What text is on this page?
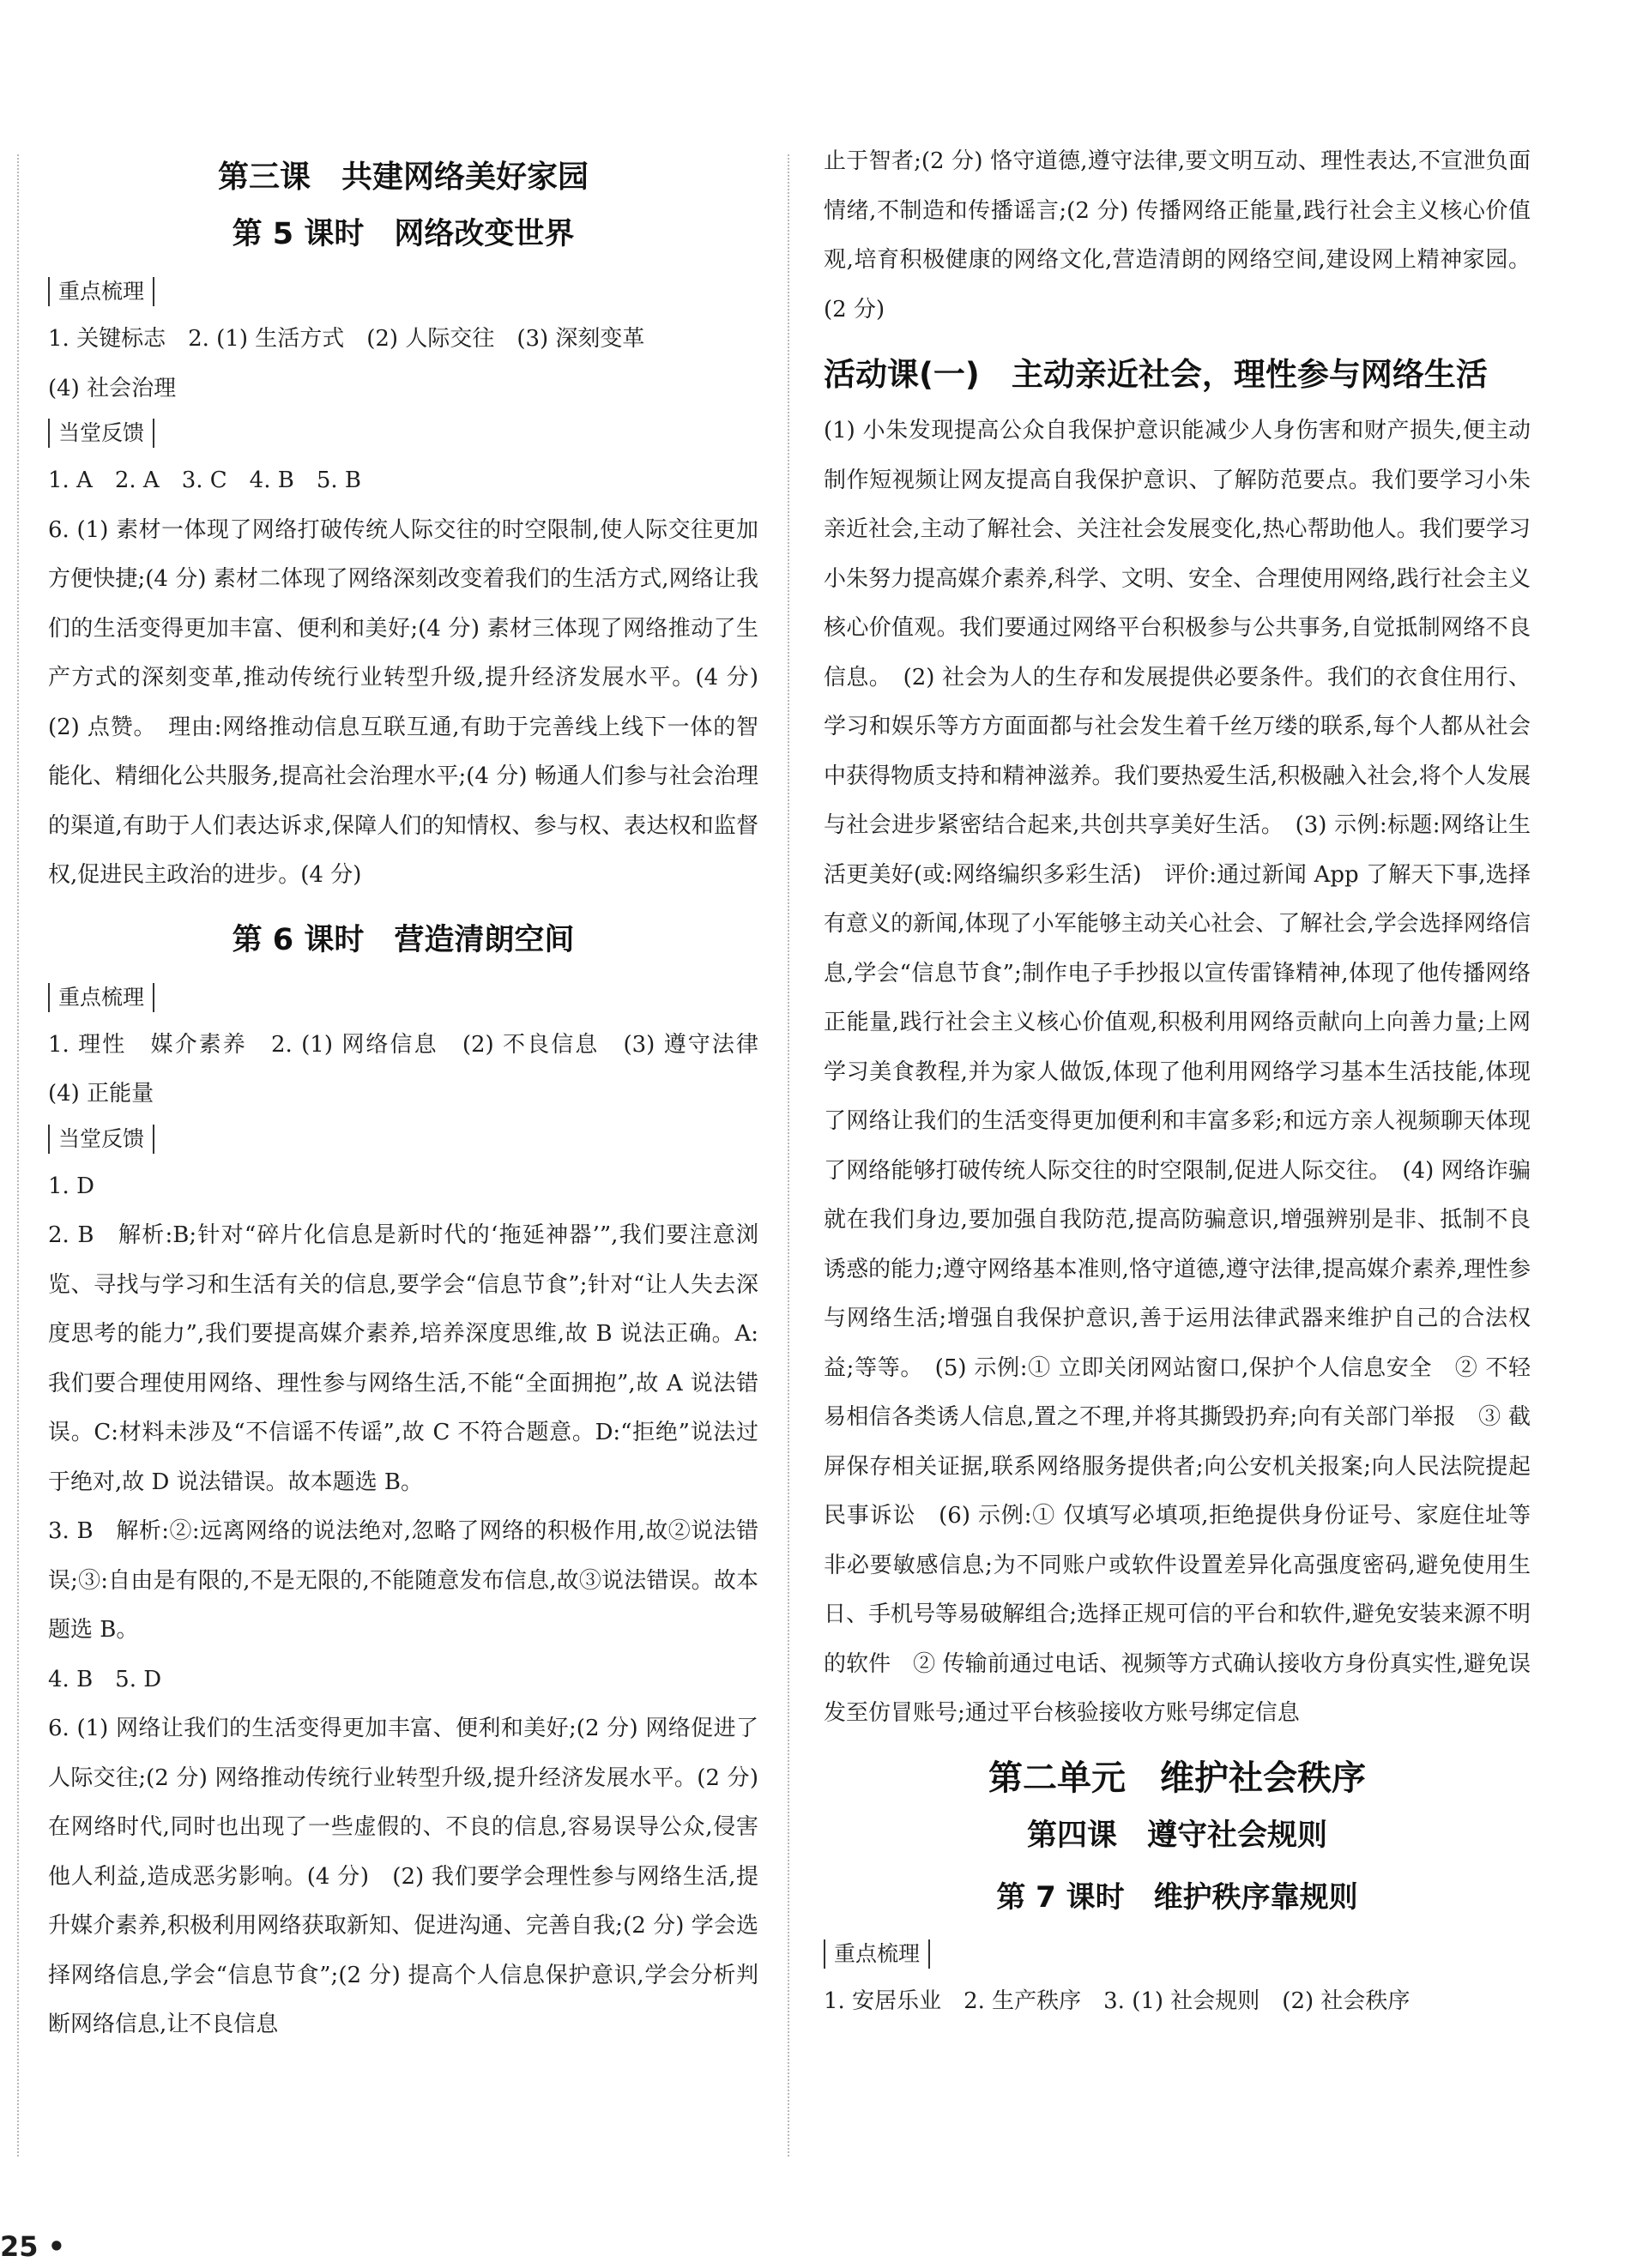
第三课　共建网络美好家园
第 5 课时　网络改变世界
重点梳理

1. 关键标志　2. (1) 生活方式　(2) 人际交往　(3) 深刻变革

(4) 社会治理

当堂反馈

1. A　2. A　3. C　4. B　5. B

6. (1) 素材一体现了网络打破传统人际交往的时空限制,使人际交往更加方便快捷;(4 分) 素材二体现了网络深刻改变着我们的生活方式,网络让我们的生活变得更加丰富、便利和美好;(4 分) 素材三体现了网络推动了生产方式的深刻变革,推动传统行业转型升级,提升经济发展水平。(4 分)　(2) 点赞。　理由:网络推动信息互联互通,有助于完善线上线下一体的智能化、精细化公共服务,提高社会治理水平;(4 分) 畅通人们参与社会治理的渠道,有助于人们表达诉求,保障人们的知情权、参与权、表达权和监督权,促进民主政治的进步。(4 分)

第 6 课时　营造清朗空间
重点梳理

1. 理性　媒介素养　2. (1) 网络信息　(2) 不良信息　(3) 遵守法律　(4) 正能量

当堂反馈

1. D

2. B　解析:B;针对“碎片化信息是新时代的‘拖延神器’”,我们要注意浏览、寻找与学习和生活有关的信息,要学会“信息节食”;针对“让人失去深度思考的能力”,我们要提高媒介素养,培养深度思维,故 B 说法正确。A:我们要合理使用网络、理性参与网络生活,不能“全面拥抱”,故 A 说法错误。C:材料未涉及“不信谣不传谣”,故 C 不符合题意。D:“拒绝”说法过于绝对,故 D 说法错误。故本题选 B。

3. B　解析:②:远离网络的说法绝对,忽略了网络的积极作用,故②说法错误;③:自由是有限的,不是无限的,不能随意发布信息,故③说法错误。故本题选 B。

4. B　5. D

6. (1) 网络让我们的生活变得更加丰富、便利和美好;(2 分) 网络促进了人际交往;(2 分) 网络推动传统行业转型升级,提升经济发展水平。(2 分) 在网络时代,同时也出现了一些虚假的、不良的信息,容易误导公众,侵害他人利益,造成恶劣影响。(4 分)　(2) 我们要学会理性参与网络生活,提升媒介素养,积极利用网络获取新知、促进沟通、完善自我;(2 分) 学会选择网络信息,学会“信息节食”;(2 分) 提高个人信息保护意识,学会分析判断网络信息,让不良信息

止于智者;(2 分) 恪守道德,遵守法律,要文明互动、理性表达,不宣泄负面情绪,不制造和传播谣言;(2 分) 传播网络正能量,践行社会主义核心价值观,培育积极健康的网络文化,营造清朗的网络空间,建设网上精神家园。(2 分)

活动课(一)　主动亲近社会，理性参与网络生活

(1) 小朱发现提高公众自我保护意识能减少人身伤害和财产损失,便主动制作短视频让网友提高自我保护意识、了解防范要点。我们要学习小朱亲近社会,主动了解社会、关注社会发展变化,热心帮助他人。我们要学习小朱努力提高媒介素养,科学、文明、安全、合理使用网络,践行社会主义核心价值观。我们要通过网络平台积极参与公共事务,自觉抵制网络不良信息。　(2) 社会为人的生存和发展提供必要条件。我们的衣食住用行、学习和娱乐等方方面面都与社会发生着千丝万缕的联系,每个人都从社会中获得物质支持和精神滋养。我们要热爱生活,积极融入社会,将个人发展与社会进步紧密结合起来,共创共享美好生活。　(3) 示例:标题:网络让生活更美好(或:网络编织多彩生活)　评价:通过新闻 App 了解天下事,选择有意义的新闻,体现了小军能够主动关心社会、了解社会,学会选择网络信息,学会“信息节食”;制作电子手抄报以宣传雷锋精神,体现了他传播网络正能量,践行社会主义核心价值观,积极利用网络贡献向上向善力量;上网学习美食教程,并为家人做饭,体现了他利用网络学习基本生活技能,体现了网络让我们的生活变得更加便利和丰富多彩;和远方亲人视频聊天体现了网络能够打破传统人际交往的时空限制,促进人际交往。　(4) 网络诈骗就在我们身边,要加强自我防范,提高防骗意识,增强辨别是非、抵制不良诱惑的能力;遵守网络基本准则,恪守道德,遵守法律,提高媒介素养,理性参与网络生活;增强自我保护意识,善于运用法律武器来维护自己的合法权益;等等。　(5) 示例:① 立即关闭网站窗口,保护个人信息安全　② 不轻易相信各类诱人信息,置之不理,并将其撕毁扔弃;向有关部门举报　③ 截屏保存相关证据,联系网络服务提供者;向公安机关报案;向人民法院提起民事诉讼　(6) 示例:① 仅填写必填项,拒绝提供身份证号、家庭住址等非必要敏感信息;为不同账户或软件设置差异化高强度密码,避免使用生日、手机号等易破解组合;选择正规可信的平台和软件,避免安装来源不明的软件　② 传输前通过电话、视频等方式确认接收方身份真实性,避免误发至仿冒账号;通过平台核验接收方账号绑定信息

第二单元　维护社会秩序
第四课　遵守社会规则
第 7 课时　维护秩序靠规则
重点梳理

1. 安居乐业　2. 生产秩序　3. (1) 社会规则　(2) 社会秩序

25 •
